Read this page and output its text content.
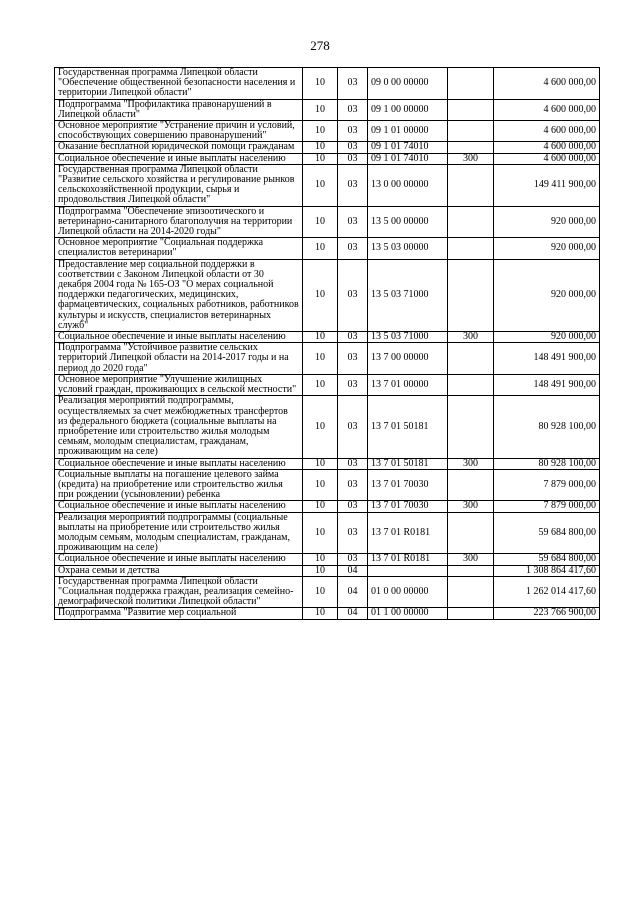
278
Государственная программа Липецкой области "Обеспечение общественной безопасности населения и территории Липецкой области"	10	03	09 0 00 00000		4 600 000,00
Подпрограмма "Профилактика правонарушений в Липецкой области"	10	03	09 1 00 00000		4 600 000,00
Основное мероприятие "Устранение причин и условий, способствующих совершению правонарушений"	10	03	09 1 01 00000		4 600 000,00
Оказание бесплатной юридической помощи гражданам	10	03	09 1 01 74010		4 600 000,00
Социальное обеспечение и иные выплаты населению	10	03	09 1 01 74010	300	4 600 000,00
Государственная программа Липецкой области "Развитие сельского хозяйства и регулирование рынков сельскохозяйственной продукции, сырья и продовольствия Липецкой области"	10	03	13 0 00 00000		149 411 900,00
Подпрограмма "Обеспечение эпизоотического и ветеринарно-санитарного благополучия на территории Липецкой области на 2014-2020 годы"	10	03	13 5 00 00000		920 000,00
Основное мероприятие "Социальная поддержка специалистов ветеринарии"	10	03	13 5 03 00000		920 000,00
Предоставление мер социальной поддержки в соответствии с Законом Липецкой области от 30 декабря 2004 года № 165-ОЗ "О мерах социальной поддержки педагогических, медицинских, фармацевтических, социальных работников, работников культуры и искусств, специалистов ветеринарных служб"	10	03	13 5 03 71000		920 000,00
Социальное обеспечение и иные выплаты населению	10	03	13 5 03 71000	300	920 000,00
Подпрограмма "Устойчивое развитие сельских территорий Липецкой области на 2014-2017 годы и на период до 2020 года"	10	03	13 7 00 00000		148 491 900,00
Основное мероприятие "Улучшение жилищных условий граждан, проживающих в сельской местности"	10	03	13 7 01 00000		148 491 900,00
Реализация мероприятий подпрограммы, осуществляемых за счет межбюджетных трансфертов из федерального бюджета (социальные выплаты на приобретение или строительство жилья молодым семьям, молодым специалистам, гражданам, проживающим на селе)	10	03	13 7 01 50181		80 928 100,00
Социальное обеспечение и иные выплаты населению	10	03	13 7 01 50181	300	80 928 100,00
Социальные выплаты на погашение целевого займа (кредита) на приобретение или строительство жилья при рождении (усыновлении) ребенка	10	03	13 7 01 70030		7 879 000,00
Социальное обеспечение и иные выплаты населению	10	03	13 7 01 70030	300	7 879 000,00
Реализация мероприятий подпрограммы (социальные выплаты на приобретение или строительство жилья молодым семьям, молодым специалистам, гражданам, проживающим на селе)	10	03	13 7 01 R0181		59 684 800,00
Социальное обеспечение и иные выплаты населению	10	03	13 7 01 R0181	300	59 684 800,00
Охрана семьи и детства	10	04			1 308 864 417,60
Государственная программа Липецкой области "Социальная поддержка граждан, реализация семейно-демографической политики Липецкой области"	10	04	01 0 00 00000		1 262 014 417,60
Подпрограмма "Развитие мер социальной	10	04	01 1 00 00000		223 766 900,00
